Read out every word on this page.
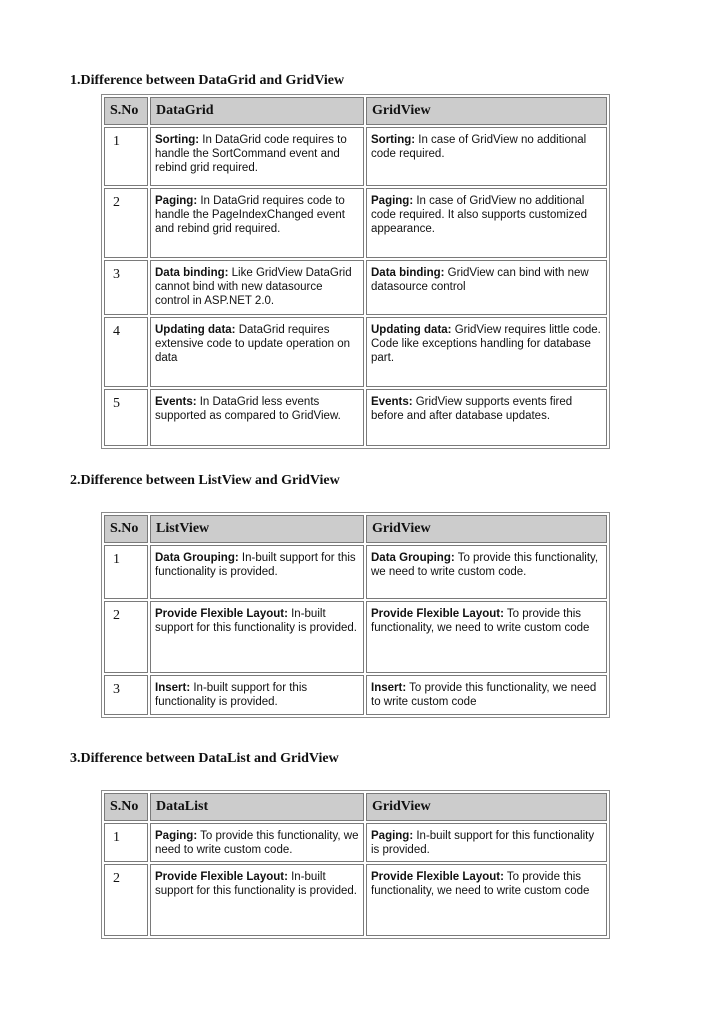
1.Difference between DataGrid and GridView
S.No	DataGrid	GridView
1	Sorting: In DataGrid code requires to handle the SortCommand event and rebind grid required.	Sorting: In case of GridView no additional code required.
2	Paging: In DataGrid requires code to handle the PageIndexChanged event and rebind grid required.	Paging: In case of GridView no additional code required. It also supports customized appearance.
3	Data binding: Like GridView DataGrid cannot bind with new datasource control in ASP.NET 2.0.	Data binding: GridView can bind with new datasource control
4	Updating data: DataGrid requires extensive code to update operation on data	Updating data: GridView requires little code. Code like exceptions handling for database part.
5	Events: In DataGrid less events supported as compared to GridView.	Events: GridView supports events fired before and after database updates.
2.Difference between ListView and GridView
S.No	ListView	GridView
1	Data Grouping: In-built support for this functionality is provided.	Data Grouping: To provide this functionality, we need to write custom code.
2	Provide Flexible Layout: In-built support for this functionality is provided.	Provide Flexible Layout: To provide this functionality, we need to write custom code
3	Insert: In-built support for this functionality is provided.	Insert: To provide this functionality, we need to write custom code
3.Difference between DataList and GridView
S.No	DataList	GridView
1	Paging: To provide this functionality, we need to write custom code.	Paging: In-built support for this functionality is provided.
2	Provide Flexible Layout: In-built support for this functionality is provided.	Provide Flexible Layout: To provide this functionality, we need to write custom code
